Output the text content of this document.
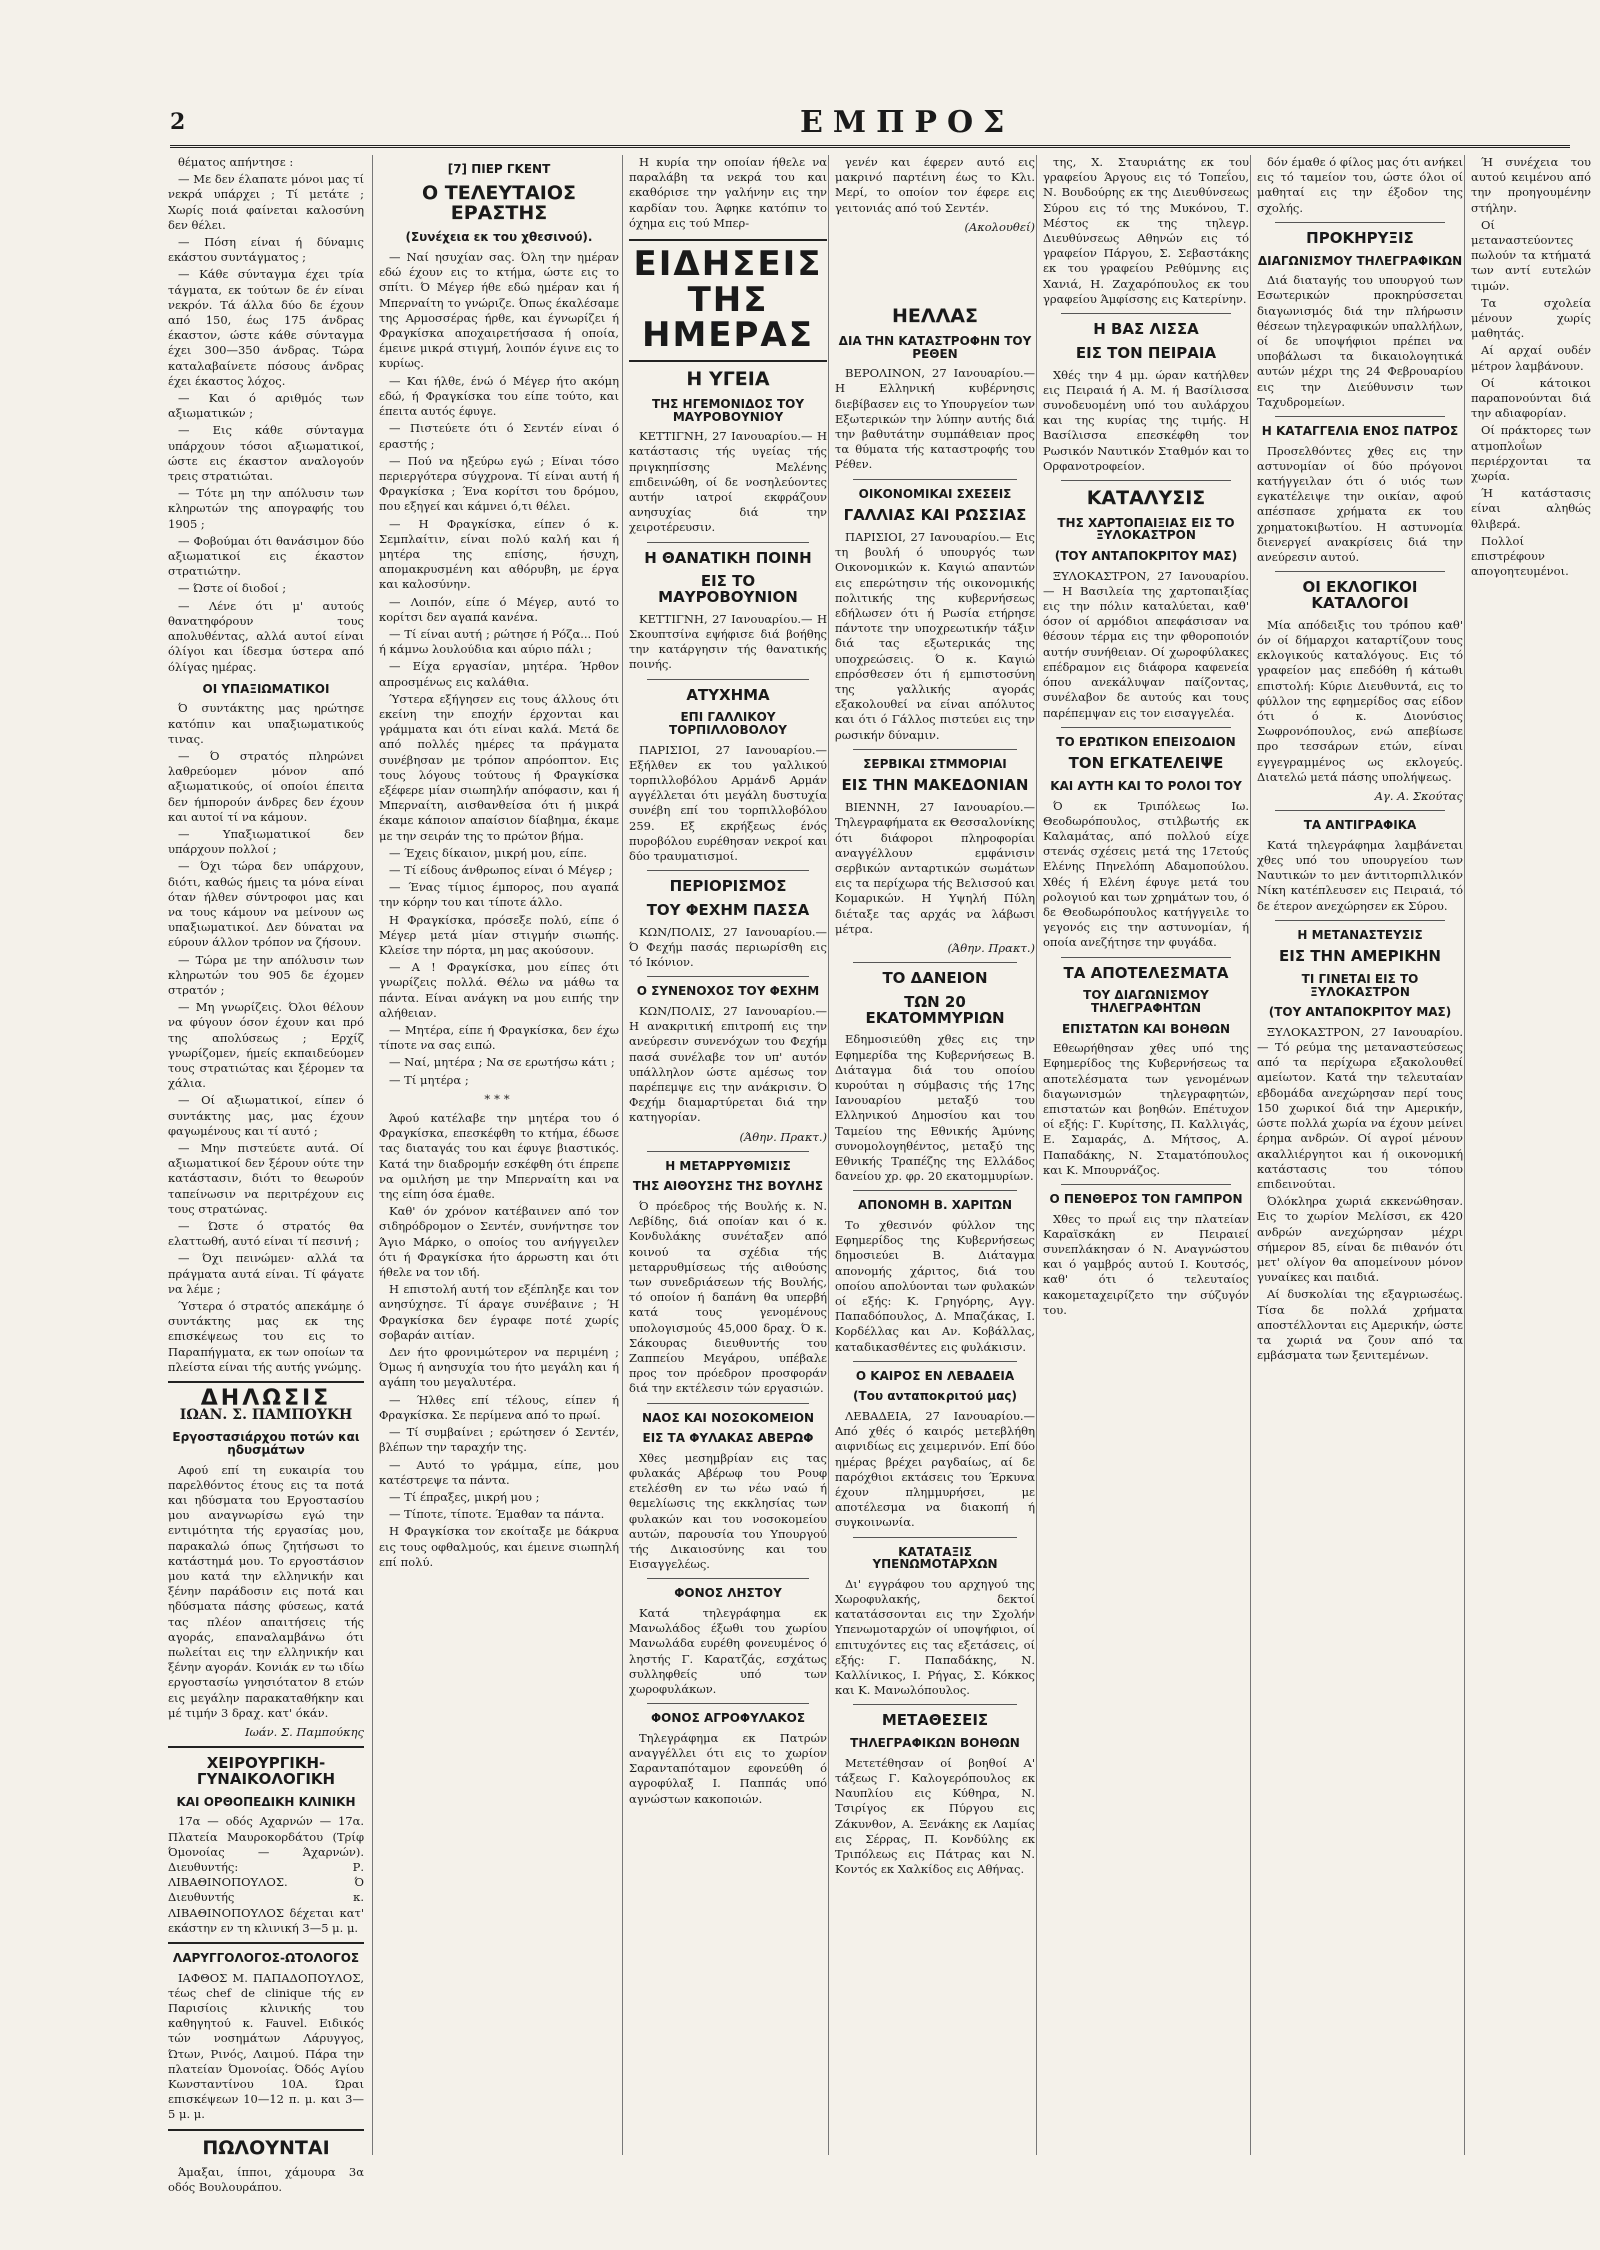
2	ΕΜΠΡΟΣ

θέματος απήντησε :

— Με δεν έλαπατε μόνοι μας τί νεκρά υπάρχει ; Τί μετάτε ; Χωρίς ποιά φαίνεται καλοσύνη δεν θέλει.

— Πόση είναι ή δύναμις εκάστου συντάγματος ;

— Κάθε σύνταγμα έχει τρία τάγματα, εκ τούτων δε έν είναι νεκρόν. Τά άλλα δύο δε έχουν από 150, έως 175 άνδρας έκαστον, ώστε κάθε σύνταγμα έχει 300—350 άνδρας. Τώρα καταλαβαίνετε πόσους άνδρας έχει έκαστος λόχος.

— Και ό αριθμός των αξιωματικών ;

— Εις κάθε σύνταγμα υπάρχουν τόσοι αξιωματικοί, ώστε εις έκαστον αναλογούν τρεις στρατιώται.

— Τότε μη την απόλυσιν των κληρωτών της απογραφής του 1905 ;

— Φοβούμαι ότι θανάσιμον δύο αξιωματικοί εις έκαστον στρατιώτην.

— Ώστε οί διοδοί ;

— Λένε ότι μ' αυτούς θανατηφόρουν τους απολυθέντας, αλλά αυτοί είναι όλίγοι και ίδεσμα ύστερα από όλίγας ημέρας.

ΟΙ ΥΠΑΞΙΩΜΑΤΙΚΟΙ

Ό συντάκτης μας ηρώτησε κατόπιν και υπαξιωματικούς τινας.

— Ό στρατός πληρώνει λαθρεύομεν μόνον από αξιωματικούς, οί οποίοι έπειτα δεν ήμπορούν άνδρες δεν έχουν και αυτοί τί να κάμουν.

— Υπαξιωματικοί δεν υπάρχουν πολλοί ;

— Όχι τώρα δεν υπάρχουν, διότι, καθώς ήμεις τα μόνα είναι όταν ήλθεν σύντροφοι μας και να τους κάμουν να μείνουν ως υπαξιωματικοί. Δεν δύναται να εύρουν άλλον τρόπον να ζήσουν.

— Τώρα με την απόλυσιν των κληρωτών του 905 δε έχομεν στρατόν ;

— Μη γνωρίζεις. Όλοι θέλουν να φύγουν όσον έχουν και πρό της απολύσεως ; Ερχίζ γνωρίζομεν, ήμείς εκπαιδεύομεν τους στρατιώτας και ξέρομεν τα χάλια.

— Οί αξιωματικοί, είπεν ό συντάκτης μας, μας έχουν φαγωμένους και τί αυτό ;

— Μην πιστεύετε αυτά. Οί αξιωματικοί δεν ξέρουν ούτε την κατάστασιν, διότι το θεωρούν ταπείνωσιν να περιτρέχουν εις τους στρατώνας.

— Ώστε ό στρατός θα ελαττωθή, αυτό είναι τί πεσινή ;

— Όχι πεινώμεν· αλλά τα πράγματα αυτά είναι. Τί φάγατε να λέμε ;

Ύστερα ό στρατός απεκάμηε ό συντάκτης μας εκ της επισκέψεως του εις το Παραπήγματα, εκ των οποίων τα πλείστα είναι τής αυτής γνώμης.

ΔΗΛΩΣΙΣ
ΙΩΑΝ. Σ. ΠΑΜΠΟΥΚΗ
Εργοστασιάρχου ποτών και ηδυσμάτων

Αφού επί τη ευκαιρία του παρελθόντος έτους εις τα ποτά και ηδύσματα του Εργοστασίου μου αναγνωρίσω εγώ την εντιμότητα τής εργασίας μου, παρακαλώ όπως ζητήσωσι το κατάστημά μου. Το εργοστάσιον μου κατά την ελληνικήν και ξένην παράδοσιν εις ποτά και ηδύσματα πάσης φύσεως, κατά τας πλέον απαιτήσεις τής αγοράς, επαναλαμβάνω ότι πωλείται εις την ελληνικήν και ξένην αγοράν. Κονιάκ εν τω ιδίω εργοστασίω γνησιότατον 8 ετών εις μεγάλην παρακαταθήκην και μέ τιμήν 3 δραχ. κατ' όκάν.

Ιωάν. Σ. Παμπούκης
ΧΕΙΡΟΥΡΓΙΚΗ-ΓΥΝΑΙΚΟΛΟΓΙΚΗ
ΚΑΙ ΟΡΘΟΠΕΔΙΚΗ ΚΛΙΝΙΚΗ

17α — οδός Αχαρνών — 17α. Πλατεία Μαυροκορδάτου (Τρίφ Όμονοίας — Άχαρνών). Διευθυντής: Ρ. ΛΙΒΑΘΙΝΟΠΟΥΛΟΣ. Ό Διευθυντής κ. ΛΙΒΑΘΙΝΟΠΟΥΛΟΣ δέχεται κατ' εκάστην εν τη κλινική 3—5 μ. μ.

ΛΑΡΥΓΓΟΛΟΓΟΣ-ΩΤΟΛΟΓΟΣ

ΙΑΦΘΟΣ Μ. ΠΑΠΑΔΟΠΟΥΛΟΣ, τέως chef de clinique τής εν Παρισίοις κλινικής του καθηγητού κ. Fauvel. Ειδικός τών νοσημάτων Λάρυγγος, Ώτων, Ρινός, Λαιμού. Πάρα την πλατείαν Όμονοίας. Όδός Αγίου Κωνσταντίνου 10Α. Ώραι επισκέψεων 10—12 π. μ. και 3—5 μ. μ.

ΠΩΛΟΥΝΤΑΙ

Άμαξαι, ίπποι, χάμουρα 3α οδός Βουλουράπου.

[7] ΠΙΕΡ ΓΚΕΝΤ
Ο ΤΕΛΕΥΤΑΙΟΣ ΕΡΑΣΤΗΣ
(Συνέχεια εκ του χθεσινού).

— Ναί ησυχίαν σας. Όλη την ημέραν εδώ έχουν εις το κτήμα, ώστε εις το σπίτι. Ό Μέγερ ήθε εδώ ημέραν και ή Μπερναίτη το γνώριζε. Όπως έκαλέσαμε της Αρμοσσέρας ήρθε, και έγνωρίζει ή Φραγκίσκα αποχαιρετήσασα ή οποία, έμεινε μικρά στιγμή, λοιπόν έγινε εις το κυρίως.

— Και ήλθε, ένώ ό Μέγερ ήτο ακόμη εδώ, ή Φραγκίσκα του είπε τούτο, και έπειτα αυτός έφυγε.

— Πιστεύετε ότι ό Σεντέν είναι ό εραστής ;

— Πού να ηξεύρω εγώ ; Είναι τόσο περιεργότερα σύγχρονα. Τί είναι αυτή ή Φραγκίσκα ; Ένα κορίτσι του δρόμου, που εξηγεί και κάμνει ό,τι θέλει.

— Η Φραγκίσκα, είπεν ό κ. Σεμπλαίτιν, είναι πολύ καλή και ή μητέρα της επίσης, ήσυχη, απομακρυσμένη και αθόρυβη, με έργα και καλοσύνην.

— Λοιπόν, είπε ό Μέγερ, αυτό το κορίτσι δεν αγαπά κανένα.

— Τί είναι αυτή ; ρώτησε ή Ρόζα... Πού ή κάμνω λουλούδια και αύριο πάλι ;

— Είχα εργασίαν, μητέρα. Ήρθον απροσμένως εις καλάθια.

Ύστερα εξήγησεν εις τους άλλους ότι εκείνη την εποχήν έρχονται και γράμματα και ότι είναι καλά. Μετά δε από πολλές ημέρες τα πράγματα συνέβησαν με τρόπον απρόοπτον. Εις τους λόγους τούτους ή Φραγκίσκα εξέφερε μίαν σιωπηλήν απόφασιν, και ή Μπερναίτη, αισθανθείσα ότι ή μικρά έκαμε κάποιον απαίσιον δίαβημα, έκαμε με την σειράν της το πρώτον βήμα.

— Έχεις δίκαιον, μικρή μου, είπε.

— Τί είδους άνθρωπος είναι ό Μέγερ ;

— Ένας τίμιος έμπορος, που αγαπά την κόρην του και τίποτε άλλο.

Η Φραγκίσκα, πρόσεξε πολύ, είπε ό Μέγερ μετά μίαν στιγμήν σιωπής. Κλείσε την πόρτα, μη μας ακούσουν.

— Α ! Φραγκίσκα, μου είπες ότι γνωρίζεις πολλά. Θέλω να μάθω τα πάντα. Είναι ανάγκη να μου ειπής την αλήθειαν.

— Μητέρα, είπε ή Φραγκίσκα, δεν έχω τίποτε να σας ειπώ.

— Ναί, μητέρα ; Να σε ερωτήσω κάτι ;

— Τί μητέρα ;

***

Άφού κατέλαβε την μητέρα του ό Φραγκίσκα, επεσκέφθη το κτήμα, έδωσε τας διαταγάς του και έφυγε βιαστικός. Κατά την διαδρομήν εσκέφθη ότι έπρεπε να ομιλήση με την Μπερναίτη και να της είπη όσα έμαθε.

Καθ' όν χρόνον κατέβαινεν από τον σιδηρόδρομον ο Σεντέν, συνήντησε τον Άγιο Μάρκο, ο οποίος του ανήγγειλεν ότι ή Φραγκίσκα ήτο άρρωστη και ότι ήθελε να τον ιδή.

Η επιστολή αυτή τον εξέπληξε και τον ανησύχησε. Τί άραγε συνέβαινε ; Ή Φραγκίσκα δεν έγραφε ποτέ χωρίς σοβαράν αιτίαν.

Δεν ήτο φρονιμώτερον να περιμένη ; Όμως ή ανησυχία του ήτο μεγάλη και ή αγάπη του μεγαλυτέρα.

— Ήλθες επί τέλους, είπεν ή Φραγκίσκα. Σε περίμενα από το πρωί.

— Τί συμβαίνει ; ερώτησεν ό Σεντέν, βλέπων την ταραχήν της.

— Αυτό το γράμμα, είπε, μου κατέστρεψε τα πάντα.

— Τί έπραξες, μικρή μου ;

— Τίποτε, τίποτε. Έμαθαν τα πάντα.

Η Φραγκίσκα τον εκοίταξε με δάκρυα εις τους οφθαλμούς, και έμεινε σιωπηλή επί πολύ.

Η κυρία την οποίαν ήθελε να παραλάβη τα νεκρά του και εκαθόρισε την γαλήνην εις την καρδίαν του. Άφηκε κατόπιν το όχημα εις τού Μπερ-

ΕΙΔΗΣΕΙΣ ΤΗΣ ΗΜΕΡΑΣ
Η ΥΓΕΙΑ
ΤΗΣ ΗΓΕΜΟΝΙΔΟΣ ΤΟΥ ΜΑΥΡΟΒΟΥΝΙΟΥ

ΚΕΤΤΙΓΝΗ, 27 Ιανουαρίου.— Η κατάστασις τής υγείας τής πριγκηπίσσης Μελένης επιδεινώθη, οί δε νοσηλεύοντες αυτήν ιατροί εκφράζουν ανησυχίας διά την χειροτέρευσιν.

Η ΘΑΝΑΤΙΚΗ ΠΟΙΝΗ
ΕΙΣ ΤΟ ΜΑΥΡΟΒΟΥΝΙΟΝ

ΚΕΤΤΙΓΝΗ, 27 Ιανουαρίου.— Η Σκουπτσίνα εψήφισε διά βοήθης την κατάργησιν τής θανατικής ποινής.

ΑΤΥΧΗΜΑ
ΕΠΙ ΓΑΛΛΙΚΟΥ ΤΟΡΠΙΛΛΟΒΟΛΟΥ

ΠΑΡΙΣΙΟΙ, 27 Ιανουαρίου.— Εξήλθεν εκ του γαλλικού τορπιλλοβόλου Αρμάνδ Αρμάν αγγέλλεται ότι μεγάλη δυστυχία συνέβη επί του τορπιλλοβόλου 259. Εξ εκρήξεως ένός πυροβόλου ευρέθησαν νεκροί και δύο τραυματισμοί.

ΠΕΡΙΟΡΙΣΜΟΣ
ΤΟΥ ΦΕΧΗΜ ΠΑΣΣΑ

ΚΩΝ/ΠΟΛΙΣ, 27 Ιανουαρίου.— Ό Φεχήμ πασάς περιωρίσθη εις τό Ικόνιον.

Ο ΣΥΝΕΝΟΧΟΣ ΤΟΥ ΦΕΧΗΜ

ΚΩΝ/ΠΟΛΙΣ, 27 Ιανουαρίου.— Η ανακριτική επιτροπή εις την ανεύρεσιν συνενόχων του Φεχήμ πασά συνέλαβε τον υπ' αυτόν υπάλληλον ώστε αμέσως τον παρέπεμψε εις την ανάκρισιν. Ό Φεχήμ διαμαρτύρεται διά την κατηγορίαν.

(Άθην. Πρακτ.)
Η ΜΕΤΑΡΡΥΘΜΙΣΙΣ
ΤΗΣ ΑΙΘΟΥΣΗΣ ΤΗΣ ΒΟΥΛΗΣ

Ό πρόεδρος τής Βουλής κ. Ν. Λεβίδης, διά οποίαν και ό κ. Κονδυλάκης συνέταξεν από κοινού τα σχέδια τής μεταρρυθμίσεως τής αιθούσης των συνεδριάσεων τής Βουλής, τό οποίον ή δαπάνη θα υπερβή κατά τους γενομένους υπολογισμούς 45,000 δραχ. Ό κ. Σάκουρας διευθυντής του Ζαππείου Μεγάρου, υπέβαλε προς τον πρόεδρον προσφοράν διά την εκτέλεσιν τών εργασιών.

ΝΑΟΣ ΚΑΙ ΝΟΣΟΚΟΜΕΙΟΝ
ΕΙΣ ΤΑ ΦΥΛΑΚΑΣ ΑΒΕΡΩΦ

Χθες μεσημβρίαν εις τας φυλακάς Αβέρωφ του Ρουφ ετελέσθη εν τω νέω ναώ ή θεμελίωσις της εκκλησίας των φυλακών και του νοσοκομείου αυτών, παρουσία του Υπουργού τής Δικαιοσύνης και του Εισαγγελέως.

ΦΟΝΟΣ ΛΗΣΤΟΥ

Κατά τηλεγράφημα εκ Μανωλάδος έξωθι του χωρίου Μανωλάδα ευρέθη φονευμένος ό ληστής Γ. Καρατζάς, εσχάτως συλληφθείς υπό των χωροφυλάκων.

ΦΟΝΟΣ ΑΓΡΟΦΥΛΑΚΟΣ

Τηλεγράφημα εκ Πατρών αναγγέλλει ότι εις το χωρίον Σαρανταπόταμον εφονεύθη ό αγροφύλαξ Ι. Παππάς υπό αγνώστων κακοποιών.

γενέν και έφερεν αυτό εις μακρινό παρτέινη έως το Κλι. Μερί, το οποίον τον έφερε εις γειτονιάς από τού Σεντέν.

(Ακολουθεί)
ΗΕΛΛΑΣ
ΔΙΑ ΤΗΝ ΚΑΤΑΣΤΡΟΦΗΝ ΤΟΥ ΡΕΘΕΝ

ΒΕΡΟΛΙΝΟΝ, 27 Ιανουαρίου.— Η Ελληνική κυβέρνησις διεβίβασεν εις το Υπουργείον των Εξωτερικών την λύπην αυτής διά την βαθυτάτην συμπάθειαν προς τα θύματα τής καταστροφής του Ρέθεν.

ΟΙΚΟΝΟΜΙΚΑΙ ΣΧΕΣΕΙΣ
ΓΑΛΛΙΑΣ ΚΑΙ ΡΩΣΣΙΑΣ

ΠΑΡΙΣΙΟΙ, 27 Ιανουαρίου.— Εις τη βουλή ό υπουργός των Οικονομικών κ. Καγιώ απαντών εις επερώτησιν τής οικονομικής πολιτικής της κυβερνήσεως εδήλωσεν ότι ή Ρωσία ετήρησε πάντοτε την υποχρεωτικήν τάξιν διά τας εξωτερικάς της υποχρεώσεις. Ό κ. Καγιώ επρόσθεσεν ότι ή εμπιστοσύνη της γαλλικής αγοράς εξακολουθεί να είναι απόλυτος και ότι ό Γάλλος πιστεύει εις την ρωσικήν δύναμιν.

ΣΕΡΒΙΚΑΙ ΣΤΜΜΟΡΙΑΙ
ΕΙΣ ΤΗΝ ΜΑΚΕΔΟΝΙΑΝ

ΒΙΕΝΝΗ, 27 Ιανουαρίου.— Τηλεγραφήματα εκ Θεσσαλονίκης ότι διάφοροι πληροφορίαι αναγγέλλουν εμφάνισιν σερβικών ανταρτικών σωμάτων εις τα περίχωρα τής Βελισσού και Κομαρικών. Η Υψηλή Πύλη διέταξε τας αρχάς να λάβωσι μέτρα.

(Άθην. Πρακτ.)
ΤΟ ΔΑΝΕΙΟΝ
ΤΩΝ 20 ΕΚΑΤΟΜΜΥΡΙΩΝ

Εδημοσιεύθη χθες εις την Εφημερίδα της Κυβερνήσεως Β. Διάταγμα διά του οποίου κυρούται η σύμβασις τής 17ης Ιανουαρίου μεταξύ του Ελληνικού Δημοσίου και του Ταμείου της Εθνικής Άμύνης συνομολογηθέντος, μεταξύ της Εθνικής Τραπέζης της Ελλάδος δανείου χρ. φρ. 20 εκατομμυρίων.

ΑΠΟΝΟΜΗ Β. ΧΑΡΙΤΩΝ

Το χθεσινόν φύλλον της Εφημερίδος της Κυβερνήσεως δημοσιεύει Β. Διάταγμα απονομής χάριτος, διά του οποίου απολύονται των φυλακών οί εξής: Κ. Γρηγόρης, Αγγ. Παπαδόπουλος, Δ. Μπαζάκας, Ι. Κορδέλλας και Αν. Κοβάλλας, καταδικασθέντες εις φυλάκισιν.

Ο ΚΑΙΡΟΣ ΕΝ ΛΕΒΑΔΕΙΑ
(Του ανταποκριτού μας)

ΛΕΒΑΔΕΙΑ, 27 Ιανουαρίου.— Από χθές ό καιρός μετεβλήθη αιφνιδίως εις χειμερινόν. Επί δύο ημέρας βρέχει ραγδαίως, αί δε παρόχθιοι εκτάσεις του Έρκυνα έχουν πλημμυρήσει, με αποτέλεσμα να διακοπή ή συγκοινωνία.

ΚΑΤΑΤΑΞΙΣ ΥΠΕΝΩΜΟΤΑΡΧΩΝ

Δι' εγγράφου του αρχηγού της Χωροφυλακής, δεκτοί κατατάσσονται εις την Σχολήν Υπενωμοταρχών οί υποψήφιοι, οί επιτυχόντες εις τας εξετάσεις, οί εξής: Γ. Παπαδάκης, Ν. Καλλίνικος, Ι. Ρήγας, Σ. Κόκκος και Κ. Μανωλόπουλος.

ΜΕΤΑΘΕΣΕΙΣ
ΤΗΛΕΓΡΑΦΙΚΩΝ ΒΟΗΘΩΝ

Μετετέθησαν οί βοηθοί Α' τάξεως Γ. Καλογερόπουλος εκ Ναυπλίου εις Κύθηρα, Ν. Τσιρίγος εκ Πύργου εις Ζάκυνθον, Α. Ξενάκης εκ Λαμίας εις Σέρρας, Π. Κονδύλης εκ Τριπόλεως εις Πάτρας και Ν. Κοντός εκ Χαλκίδος εις Αθήνας.

της, Χ. Σταυριάτης εκ του γραφείου Άργους εις τό Τοπεΐου, Ν. Βουδούρης εκ της Διευθύνσεως Σύρου εις τό της Μυκόνου, Τ. Μέστος εκ της τηλεγρ. Διευθύνσεως Αθηνών εις τό γραφείον Πάργου, Σ. Σεβαστάκης εκ του γραφείου Ρεθύμνης εις Χανιά, Η. Ζαχαρόπουλος εκ του γραφείου Άμφίσσης εις Κατερίνην.

Η ΒΑΣ ΛΙΣΣΑ
ΕΙΣ ΤΟΝ ΠΕΙΡΑΙΑ

Χθές την 4 μμ. ώραν κατήλθεν εις Πειραιά ή Α. Μ. ή Βασίλισσα συνοδευομένη υπό του αυλάρχου και της κυρίας της τιμής. Η Βασίλισσα επεσκέφθη τον Ρωσικόν Ναυτικόν Σταθμόν και το Ορφανοτροφείον.

ΚΑΤΑΛΥΣΙΣ
ΤΗΣ ΧΑΡΤΟΠΑΙΞΙΑΣ ΕΙΣ ΤΟ ΞΥΛΟΚΑΣΤΡΟΝ
(ΤΟΥ ΑΝΤΑΠΟΚΡΙΤΟΥ ΜΑΣ)

ΞΥΛΟΚΑΣΤΡΟΝ, 27 Ιανουαρίου.— Η Βασιλεία της χαρτοπαιξίας εις την πόλιν καταλύεται, καθ' όσον οί αρμόδιοι απεφάσισαν να θέσουν τέρμα εις την φθοροποιόν αυτήν συνήθειαν. Οί χωροφύλακες επέδραμον εις διάφορα καφενεία όπου ανεκάλυψαν παίζοντας, συνέλαβον δε αυτούς και τους παρέπεμψαν εις τον εισαγγελέα.

ΤΟ ΕΡΩΤΙΚΟΝ ΕΠΕΙΣΟΔΙΟΝ
ΤΟΝ ΕΓΚΑΤΕΛΕΙΨΕ
ΚΑΙ ΑΥΤΗ ΚΑΙ ΤΟ ΡΟΛΟΙ ΤΟΥ

Ό εκ Τριπόλεως Ιω. Θεοδωρόπουλος, στιλβωτής εκ Καλαμάτας, από πολλού είχε στενάς σχέσεις μετά της 17ετούς Ελένης Πηνελόπη Αδαμοπούλου. Χθές ή Ελένη έφυγε μετά του ρολογιού και των χρημάτων του, ό δε Θεοδωρόπουλος κατήγγειλε το γεγονός εις την αστυνομίαν, ή οποία ανεζήτησε την φυγάδα.

ΤΑ ΑΠΟΤΕΛΕΣΜΑΤΑ
ΤΟΥ ΔΙΑΓΩΝΙΣΜΟΥ ΤΗΛΕΓΡΑΦΗΤΩΝ
ΕΠΙΣΤΑΤΩΝ ΚΑΙ ΒΟΗΘΩΝ

Εθεωρήθησαν χθες υπό της Εφημερίδος της Κυβερνήσεως τα αποτελέσματα των γενομένων διαγωνισμών τηλεγραφητών, επιστατών και βοηθών. Επέτυχον οί εξής: Γ. Κυρίτσης, Π. Καλλιγάς, Ε. Σαμαράς, Δ. Μήτσος, Α. Παπαδάκης, Ν. Σταματόπουλος και Κ. Μπουρνάζος.

Ο ΠΕΝΘΕΡΟΣ ΤΟΝ ΓΑΜΠΡΟΝ

Χθες το πρωΐ εις την πλατείαν Καραϊσκάκη εν Πειραιεί συνεπλάκησαν ό Ν. Αναγνώστου και ό γαμβρός αυτού Ι. Κουτσός, καθ' ότι ό τελευταίος κακομεταχειρίζετο την σύζυγόν του.

δόν έμαθε ό φίλος μας ότι ανήκει εις τό ταμείον του, ώστε όλοι οί μαθηταί εις την έξοδον της σχολής.

ΠΡΟΚΗΡΥΞΙΣ
ΔΙΑΓΩΝΙΣΜΟΥ ΤΗΛΕΓΡΑΦΙΚΩΝ

Διά διαταγής του υπουργού των Εσωτερικών προκηρύσσεται διαγωνισμός διά την πλήρωσιν θέσεων τηλεγραφικών υπαλλήλων, οί δε υποψήφιοι πρέπει να υποβάλωσι τα δικαιολογητικά αυτών μέχρι της 24 Φεβρουαρίου εις την Διεύθυνσιν των Ταχυδρομείων.

Η ΚΑΤΑΓΓΕΛΙΑ ΕΝΟΣ ΠΑΤΡΟΣ

Προσελθόντες χθες εις την αστυνομίαν οί δύο πρόγονοι κατήγγειλαν ότι ό υιός των εγκατέλειψε την οικίαν, αφού απέσπασε χρήματα εκ του χρηματοκιβωτίου. Η αστυνομία διενεργεί ανακρίσεις διά την ανεύρεσιν αυτού.

ΟΙ ΕΚΛΟΓΙΚΟΙ ΚΑΤΑΛΟΓΟΙ

Μία απόδειξις του τρόπου καθ' όν οί δήμαρχοι καταρτίζουν τους εκλογικούς καταλόγους. Εις τό γραφείον μας επεδόθη ή κάτωθι επιστολή: Κύριε Διευθυντά, εις το φύλλον της εφημερίδος σας είδον ότι ό κ. Διονύσιος Σωφρονόπουλος, ενώ απεβίωσε προ τεσσάρων ετών, είναι εγγεγραμμένος ως εκλογεύς. Διατελώ μετά πάσης υπολήψεως.

Αγ. Α. Σκούτας
ΤΑ ΑΝΤΙΓΡΑΦΙΚΑ

Κατά τηλεγράφημα λαμβάνεται χθες υπό του υπουργείου των Ναυτικών το μεν άντιτορπιλλικόν Νίκη κατέπλευσεν εις Πειραιά, τό δε έτερον ανεχώρησεν εκ Σύρου.

Η ΜΕΤΑΝΑΣΤΕΥΣΙΣ
ΕΙΣ ΤΗΝ ΑΜΕΡΙΚΗΝ
ΤΙ ΓΙΝΕΤΑΙ ΕΙΣ ΤΟ ΞΥΛΟΚΑΣΤΡΟΝ
(ΤΟΥ ΑΝΤΑΠΟΚΡΙΤΟΥ ΜΑΣ)

ΞΥΛΟΚΑΣΤΡΟΝ, 27 Ιανουαρίου.— Τό ρεύμα της μεταναστεύσεως από τα περίχωρα εξακολουθεί αμείωτον. Κατά την τελευταίαν εβδομάδα ανεχώρησαν περί τους 150 χωρικοί διά την Αμερικήν, ώστε πολλά χωρία να έχουν μείνει έρημα ανδρών. Οί αγροί μένουν ακαλλιέργητοι και ή οικονομική κατάστασις του τόπου επιδεινούται.

Όλόκληρα χωριά εκκενώθησαν. Εις το χωρίον Μελίσσι, εκ 420 ανδρών ανεχώρησαν μέχρι σήμερον 85, είναι δε πιθανόν ότι μετ' ολίγον θα απομείνουν μόνον γυναίκες και παιδιά.

Αί δυσκολίαι της εξαγριωσέως. Τίσα δε πολλά χρήματα αποστέλλονται εις Αμερικήν, ώστε τα χωριά να ζουν από τα εμβάσματα των ξενιτεμένων.

Ή συνέχεια του αυτού κειμένου από την προηγουμένην στήλην.

Οί μεταναστεύοντες πωλούν τα κτήματά των αντί ευτελών τιμών.

Τα σχολεία μένουν χωρίς μαθητάς.

Αί αρχαί ουδέν μέτρον λαμβάνουν.

Οί κάτοικοι παραπονούνται διά την αδιαφορίαν.

Οί πράκτορες των ατμοπλοΐων περιέρχονται τα χωρία.

Ή κατάστασις είναι αληθώς θλιβερά.

Πολλοί επιστρέφουν απογοητευμένοι.
